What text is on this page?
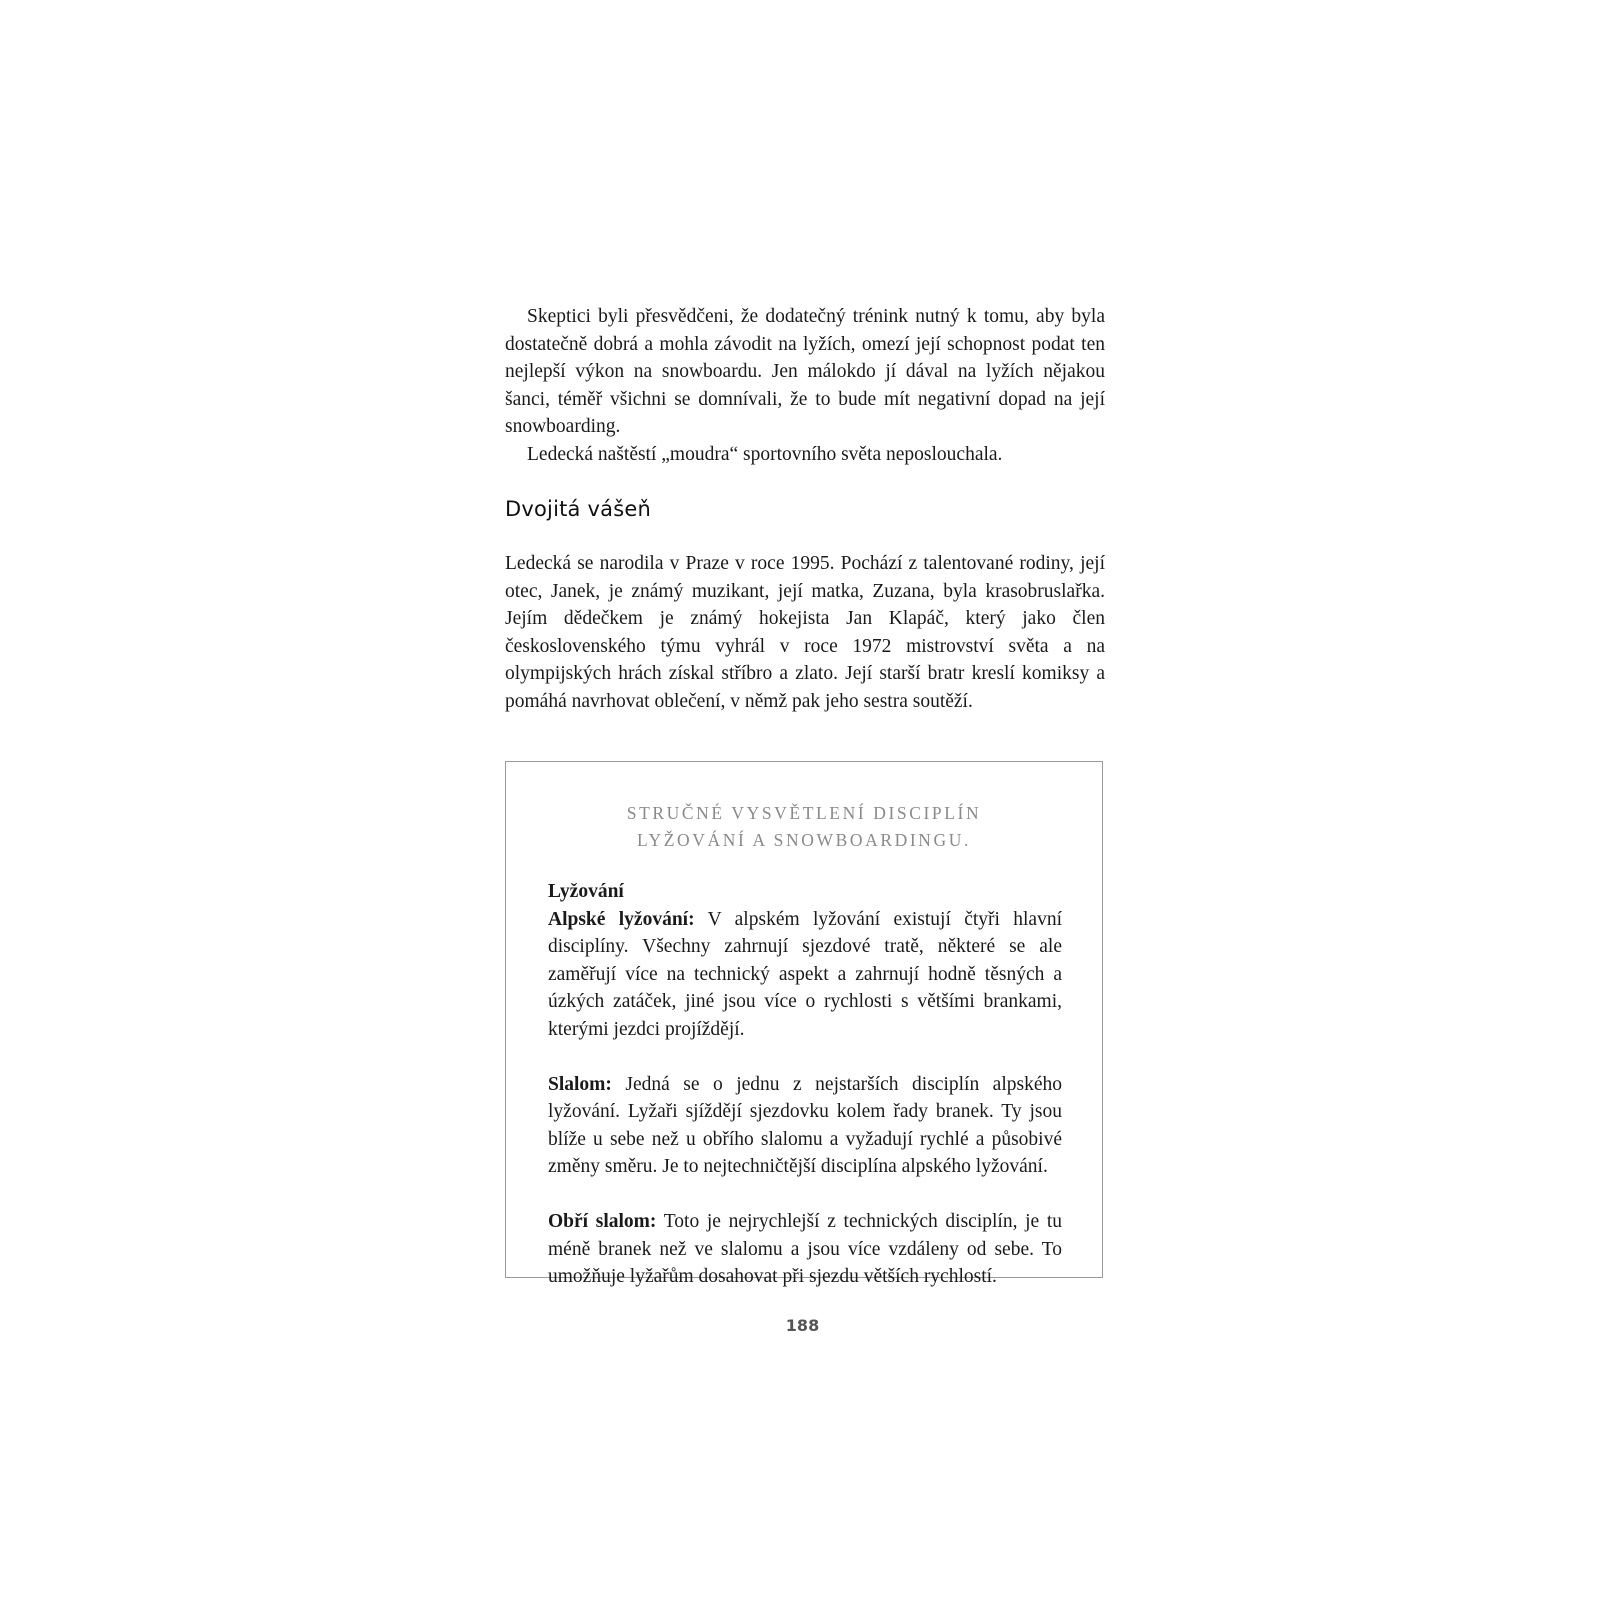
Skeptici byli přesvědčeni, že dodatečný trénink nutný k tomu, aby byla dostatečně dobrá a mohla závodit na lyžích, omezí její schopnost podat ten nejlepší výkon na snowboardu. Jen málokdo jí dával na lyžích nějakou šanci, téměř všichni se domnívali, že to bude mít negativní dopad na její snowboarding.

Ledecká naštěstí „moudra“ sportovního světa neposlouchala.

Dvojitá vášeň

Ledecká se narodila v Praze v roce 1995. Pochází z talentované rodiny, její otec, Janek, je známý muzikant, její matka, Zuzana, byla krasobruslařka. Jejím dědečkem je známý hokejista Jan Klapáč, který jako člen československého týmu vyhrál v roce 1972 mistrovství světa a na olympijských hrách získal stříbro a zlato. Její starší bratr kreslí komiksy a pomáhá navrhovat oblečení, v němž pak jeho sestra soutěží.

STRUČNÉ VYSVĚTLENÍ DISCIPLÍN
LYŽOVÁNÍ A SNOWBOARDINGU.

Lyžování

Alpské lyžování: V alpském lyžování existují čtyři hlavní disciplíny. Všechny zahrnují sjezdové tratě, některé se ale zaměřují více na technický aspekt a zahrnují hodně těsných a úzkých zatáček, jiné jsou více o rychlosti s většími brankami, kterými jezdci projíždějí.

Slalom: Jedná se o jednu z nejstarších disciplín alpského lyžování. Lyžaři sjíždějí sjezdovku kolem řady branek. Ty jsou blíže u sebe než u obřího slalomu a vyžadují rychlé a působivé změny směru. Je to nejtechničtější disciplína alpského lyžování.

Obří slalom: Toto je nejrychlejší z technických disciplín, je tu méně branek než ve slalomu a jsou více vzdáleny od sebe. To umožňuje lyžařům dosahovat při sjezdu větších rychlostí.

188
